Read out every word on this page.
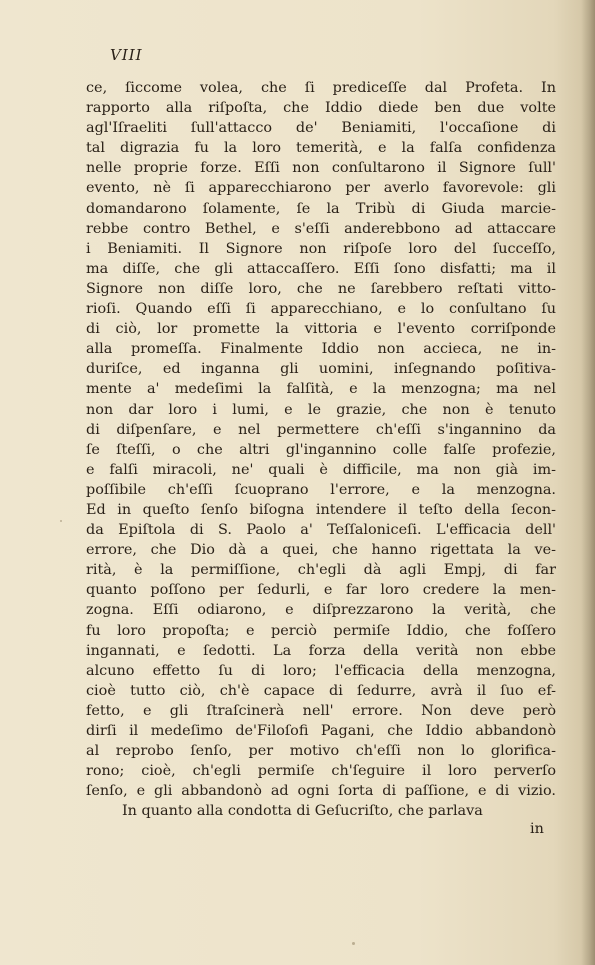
VIII
ce, ſiccome volea, che ſi prediceſſe dal Profeta. In
rapporto alla riſpoſta, che Iddio diede ben due volte
agl'Iſraeliti ſull'attacco de' Beniamiti, l'occaſione di
tal digrazia fu la loro temerità, e la falſa confidenza
nelle proprie forze. Eſſi non conſultarono il Signore ſull'
evento, nè ſi apparecchiarono per averlo favorevole: gli
domandarono ſolamente, ſe la Tribù di Giuda marcie-
rebbe contro Bethel, e s'eſſi anderebbono ad attaccare
i Beniamiti. Il Signore non riſpoſe loro del ſucceſſo,
ma diſſe, che gli attaccaſſero. Eſſi ſono disfatti; ma il
Signore non diſſe loro, che ne ſarebbero reſtati vitto-
rioſi. Quando eſſi ſi apparecchiano, e lo conſultano ſu
di ciò, lor promette la vittoria e l'evento corriſponde
alla promeſſa. Finalmente Iddio non accieca, ne in-
duriſce, ed inganna gli uomini, inſegnando poſitiva-
mente a' medeſimi la falſità, e la menzogna; ma nel
non dar loro i lumi, e le grazie, che non è tenuto
di diſpenſare, e nel permettere ch'eſſi s'ingannino da
ſe ſteſſi, o che altri gl'ingannino colle falſe profezie,
e falſi miracoli, ne' quali è difficile, ma non già im-
poſſibile ch'eſſi ſcuoprano l'errore, e la menzogna.
Ed in queſto ſenſo biſogna intendere il teſto della ſecon-
da Epiſtola di S. Paolo a' Teſſaloniceſi. L'efficacia dell'
errore, che Dio dà a quei, che hanno rigettata la ve-
rità, è la permiſſione, ch'egli dà agli Empj, di far
quanto poſſono per ſedurli, e far loro credere la men-
zogna. Eſſi odiarono, e diſprezzarono la verità, che
fu loro propoſta; e perciò permiſe Iddio, che foſſero
ingannati, e ſedotti. La forza della verità non ebbe
alcuno effetto ſu di loro; l'efficacia della menzogna,
cioè tutto ciò, ch'è capace di ſedurre, avrà il ſuo ef-
fetto, e gli ſtraſcinerà nell' errore. Non deve però
dirſi il medeſimo de'Filoſofi Pagani, che Iddio abbandonò
al reprobo ſenſo, per motivo ch'eſſi non lo glorifica-
rono; cioè, ch'egli permiſe ch'ſeguire il loro perverſo
ſenſo, e gli abbandonò ad ogni ſorta di paſſione, e di vizio.
In quanto alla condotta di Geſucriſto, che parlava
in
